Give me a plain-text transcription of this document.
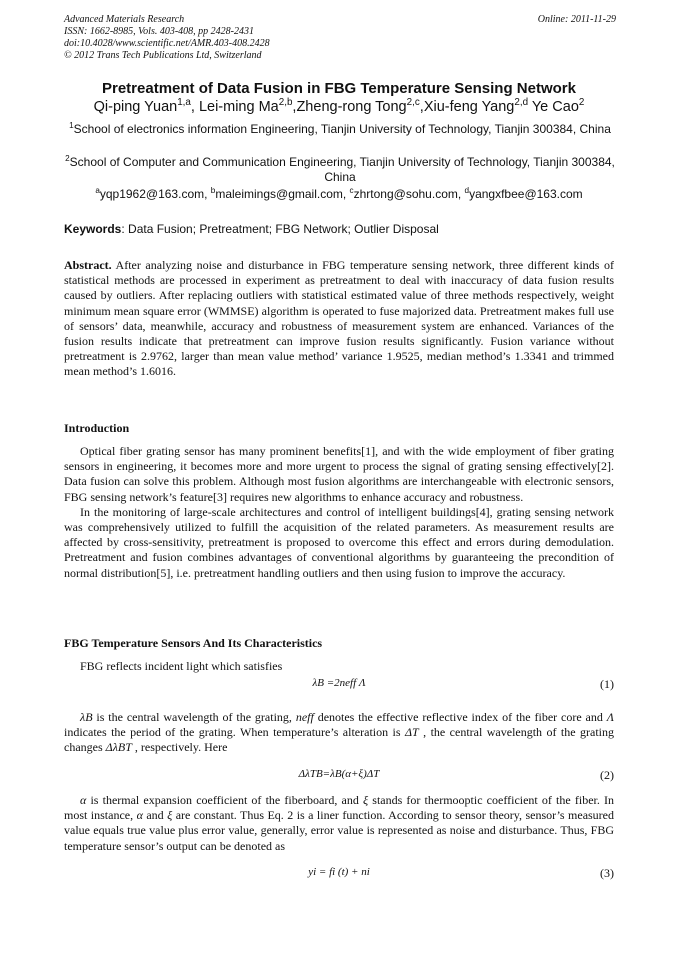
Advanced Materials Research
ISSN: 1662-8985, Vols. 403-408, pp 2428-2431
doi:10.4028/www.scientific.net/AMR.403-408.2428
© 2012 Trans Tech Publications Ltd, Switzerland
Online: 2011-11-29
Pretreatment of Data Fusion in FBG Temperature Sensing Network
Qi-ping Yuan$^{1,a}$, Lei-ming Ma$^{2,b}$,Zheng-rong Tong$^{2,c}$,Xiu-feng Yang$^{2,d}$ Ye Cao$^2$
$^1$School of electronics information Engineering, Tianjin University of Technology, Tianjin 300384, China
$^2$School of Computer and Communication Engineering, Tianjin University of Technology, Tianjin 300384, China
$^a$yqp1962@163.com, $^b$maleimings@gmail.com, $^c$zhrtong@sohu.com, $^d$yangxfbee@163.com
Keywords: Data Fusion; Pretreatment; FBG Network; Outlier Disposal
Abstract. After analyzing noise and disturbance in FBG temperature sensing network, three different kinds of statistical methods are processed in experiment as pretreatment to deal with inaccuracy of data fusion results caused by outliers. After replacing outliers with statistical estimated value of three methods respectively, weight minimum mean square error (WMMSE) algorithm is operated to fuse majorized data. Pretreatment makes full use of sensors’ data, meanwhile, accuracy and robustness of measurement system are enhanced. Variances of the fusion results indicate that pretreatment can improve fusion results significantly. Fusion variance without pretreatment is 2.9762, larger than mean value method’ variance 1.9525, median method’s 1.3341 and trimmed mean method’s 1.6016.
Introduction

Optical fiber grating sensor has many prominent benefits[1], and with the wide employment of fiber grating sensors in engineering, it becomes more and more urgent to process the signal of grating sensing effectively[2]. Data fusion can solve this problem. Although most fusion algorithms are interchangeable with electronic sensors, FBG sensing network’s feature[3] requires new algorithms to enhance accuracy and robustness.

In the monitoring of large-scale architectures and control of intelligent buildings[4], grating sensing network was comprehensively utilized to fulfill the acquisition of the related parameters. As measurement results are affected by cross-sensitivity, pretreatment is proposed to overcome this effect and errors during demodulation. Pretreatment and fusion combines advantages of conventional algorithms by guaranteeing the precondition of normal distribution[5], i.e. pretreatment handling outliers and then using fusion to improve the accuracy.

FBG Temperature Sensors And Its Characteristics
FBG reflects incident light which satisfies
λB =2neff Λ	(1)
λB is the central wavelength of the grating, neff denotes the effective reflective index of the fiber core and Λ indicates the period of the grating. When temperature’s alteration is ΔT , the central wavelength of the grating changes ΔλBT , respectively. Here
ΔλTB=λB(α+ξ)ΔT	(2)
α is thermal expansion coefficient of the fiberboard, and ξ stands for thermooptic coefficient of the fiber. In most instance, α and ξ are constant. Thus Eq. 2 is a liner function. According to sensor theory, sensor’s measured value equals true value plus error value, generally, error value is represented as noise and disturbance. Thus, FBG temperature sensor’s output can be denoted as
yi = fi (t) + ni	(3)
